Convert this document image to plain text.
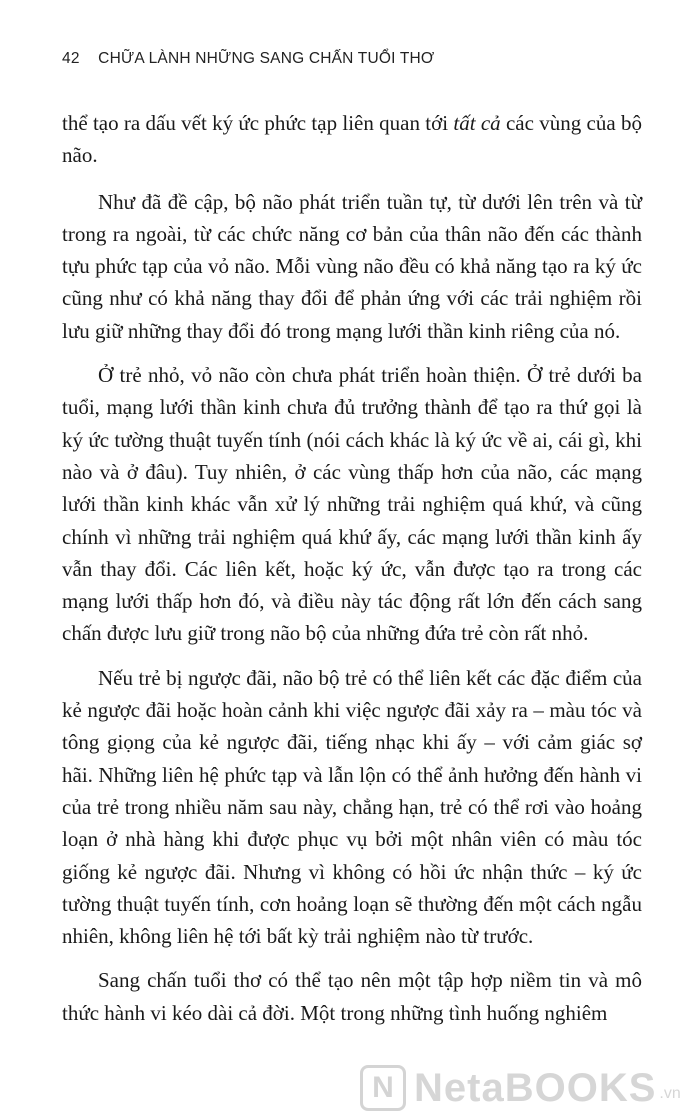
42 CHỮA LÀNH NHỮNG SANG CHẤN TUỔI THƠ

thể tạo ra dấu vết ký ức phức tạp liên quan tới tất cả các vùng của bộ não.

Như đã đề cập, bộ não phát triển tuần tự, từ dưới lên trên và từ trong ra ngoài, từ các chức năng cơ bản của thân não đến các thành tựu phức tạp của vỏ não. Mỗi vùng não đều có khả năng tạo ra ký ức cũng như có khả năng thay đổi để phản ứng với các trải nghiệm rồi lưu giữ những thay đổi đó trong mạng lưới thần kinh riêng của nó.

Ở trẻ nhỏ, vỏ não còn chưa phát triển hoàn thiện. Ở trẻ dưới ba tuổi, mạng lưới thần kinh chưa đủ trưởng thành để tạo ra thứ gọi là ký ức tường thuật tuyến tính (nói cách khác là ký ức về ai, cái gì, khi nào và ở đâu). Tuy nhiên, ở các vùng thấp hơn của não, các mạng lưới thần kinh khác vẫn xử lý những trải nghiệm quá khứ, và cũng chính vì những trải nghiệm quá khứ ấy, các mạng lưới thần kinh ấy vẫn thay đổi. Các liên kết, hoặc ký ức, vẫn được tạo ra trong các mạng lưới thấp hơn đó, và điều này tác động rất lớn đến cách sang chấn được lưu giữ trong não bộ của những đứa trẻ còn rất nhỏ.

Nếu trẻ bị ngược đãi, não bộ trẻ có thể liên kết các đặc điểm của kẻ ngược đãi hoặc hoàn cảnh khi việc ngược đãi xảy ra – màu tóc và tông giọng của kẻ ngược đãi, tiếng nhạc khi ấy – với cảm giác sợ hãi. Những liên hệ phức tạp và lẫn lộn có thể ảnh hưởng đến hành vi của trẻ trong nhiều năm sau này, chẳng hạn, trẻ có thể rơi vào hoảng loạn ở nhà hàng khi được phục vụ bởi một nhân viên có màu tóc giống kẻ ngược đãi. Nhưng vì không có hồi ức nhận thức – ký ức tường thuật tuyến tính, cơn hoảng loạn sẽ thường đến một cách ngẫu nhiên, không liên hệ tới bất kỳ trải nghiệm nào từ trước.

Sang chấn tuổi thơ có thể tạo nên một tập hợp niềm tin và mô thức hành vi kéo dài cả đời. Một trong những tình huống nghiêm

N NetaBOOKS .vn
